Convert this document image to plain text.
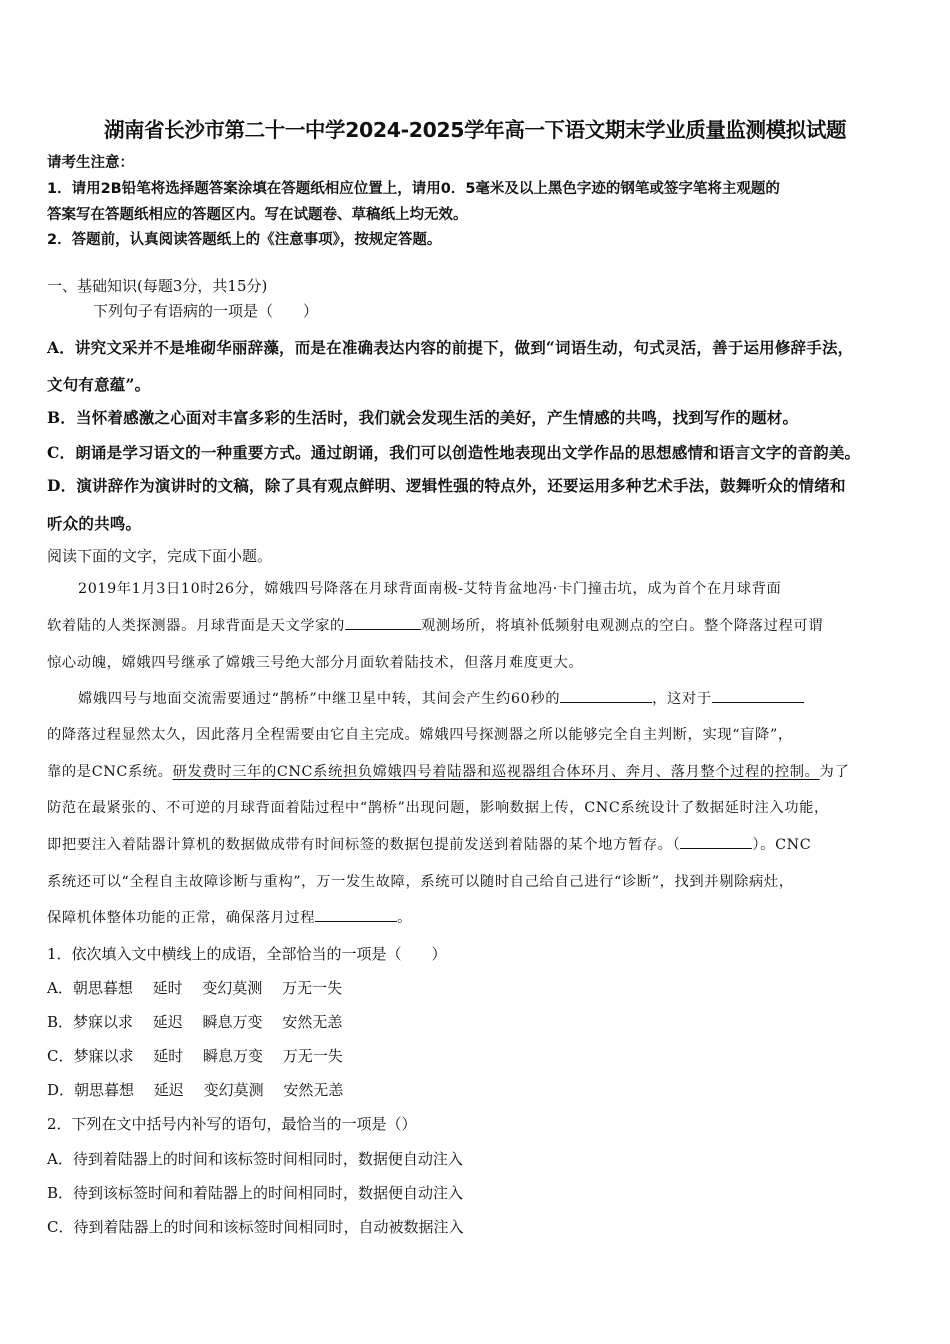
湖南省长沙市第二十一中学2024-2025学年高一下语文期末学业质量监测模拟试题
请考生注意：
1．请用2B铅笔将选择题答案涂填在答题纸相应位置上，请用0．5毫米及以上黑色字迹的钢笔或签字笔将主观题的
答案写在答题纸相应的答题区内。写在试题卷、草稿纸上均无效。
2．答题前，认真阅读答题纸上的《注意事项》，按规定答题。
一、基础知识(每题3分，共15分)
下列句子有语病的一项是（　　）
A．讲究文采并不是堆砌华丽辞藻，而是在准确表达内容的前提下，做到“词语生动，句式灵活，善于运用修辞手法，
文句有意蕴”。
B．当怀着感激之心面对丰富多彩的生活时，我们就会发现生活的美好，产生情感的共鸣，找到写作的题材。
C．朗诵是学习语文的一种重要方式。通过朗诵，我们可以创造性地表现出文学作品的思想感情和语言文字的音韵美。
D．演讲辞作为演讲时的文稿，除了具有观点鲜明、逻辑性强的特点外，还要运用多种艺术手法，鼓舞听众的情绪和
听众的共鸣。
阅读下面的文字，完成下面小题。
2019年1月3日10时26分，嫦娥四号降落在月球背面南极-艾特肯盆地冯·卡门撞击坑，成为首个在月球背面
软着陆的人类探测器。月球背面是天文学家的	观测场所，将填补低频射电观测点的空白。整个降落过程可谓
惊心动魄，嫦娥四号继承了嫦娥三号绝大部分月面软着陆技术，但落月难度更大。
嫦娥四号与地面交流需要通过“鹊桥”中继卫星中转，其间会产生约60秒的	，这对于
的降落过程显然太久，因此落月全程需要由它自主完成。嫦娥四号探测器之所以能够完全自主判断，实现“盲降”，
靠的是CNC系统。研发费时三年的CNC系统担负嫦娥四号着陆器和巡视器组合体环月、奔月、落月整个过程的控制。为了
防范在最紧张的、不可逆的月球背面着陆过程中“鹊桥”出现问题，影响数据上传，CNC系统设计了数据延时注入功能，
即把要注入着陆器计算机的数据做成带有时间标签的数据包提前发送到着陆器的某个地方暂存。（	）。CNC
系统还可以“全程自主故障诊断与重构”，万一发生故障，系统可以随时自己给自己进行“诊断”，找到并剔除病灶，
保障机体整体功能的正常，确保落月过程	。
1．依次填入文中横线上的成语，全部恰当的一项是（　　）
A．朝思暮想　 延时　 变幻莫测　 万无一失
B．梦寐以求　 延迟　 瞬息万变　 安然无恙
C．梦寐以求　 延时　 瞬息万变　 万无一失
D．朝思暮想　 延迟　 变幻莫测　 安然无恙
2．下列在文中括号内补写的语句，最恰当的一项是（）
A．待到着陆器上的时间和该标签时间相同时，数据便自动注入
B．待到该标签时间和着陆器上的时间相同时，数据便自动注入
C．待到着陆器上的时间和该标签时间相同时，自动被数据注入
